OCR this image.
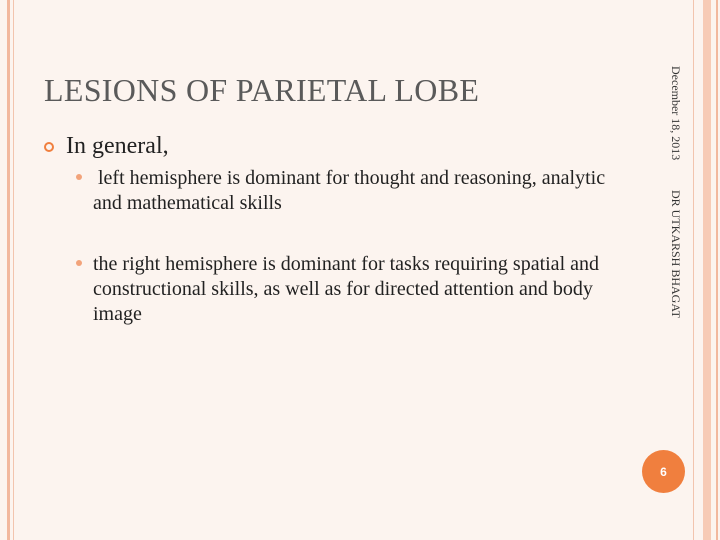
LESIONS OF PARIETAL LOBE
In general,
left hemisphere is dominant for thought and reasoning, analytic and mathematical skills
the right hemisphere is dominant for tasks requiring spatial and constructional skills, as well as for directed attention and body image
December 18, 2013
DR UTKARSH BHAGAT
6
